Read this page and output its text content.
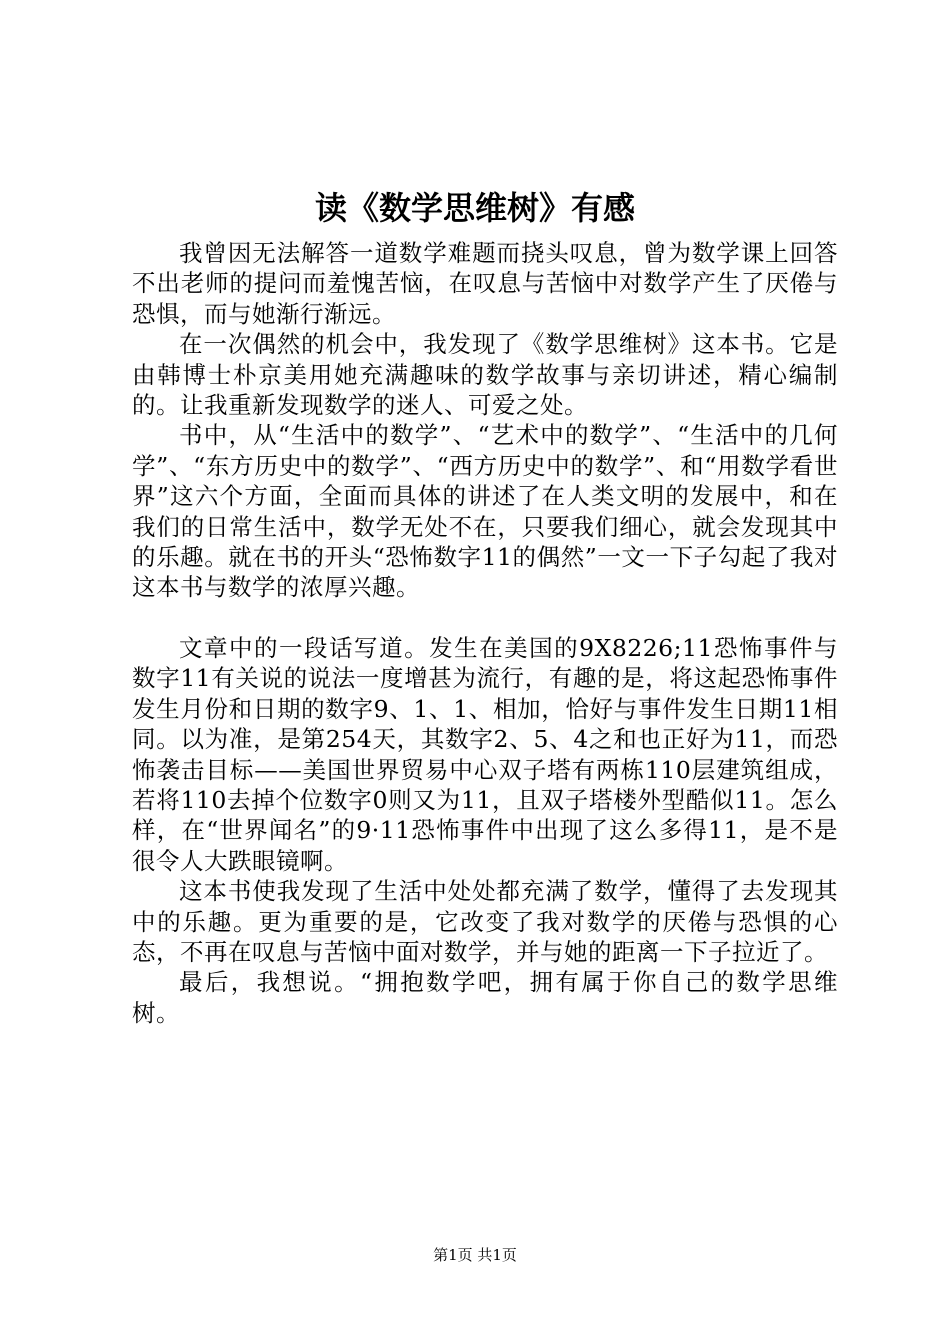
读《数学思维树》有感

我曾因无法解答一道数学难题而挠头叹息，曾为数学课上回答不出老师的提问而羞愧苦恼，在叹息与苦恼中对数学产生了厌倦与恐惧，而与她渐行渐远。

在一次偶然的机会中，我发现了《数学思维树》这本书。它是由韩博士朴京美用她充满趣味的数学故事与亲切讲述，精心编制的。让我重新发现数学的迷人、可爱之处。

书中，从“生活中的数学”、“艺术中的数学”、“生活中的几何学”、“东方历史中的数学”、“西方历史中的数学”、和“用数学看世界”这六个方面，全面而具体的讲述了在人类文明的发展中，和在我们的日常生活中，数学无处不在，只要我们细心，就会发现其中的乐趣。就在书的开头“恐怖数字11的偶然”一文一下子勾起了我对这本书与数学的浓厚兴趣。

文章中的一段话写道。发生在美国的9X8226;11恐怖事件与数字11有关说的说法一度增甚为流行，有趣的是，将这起恐怖事件发生月份和日期的数字9、1、1、相加，恰好与事件发生日期11相同。以为准，是第254天，其数字2、5、4之和也正好为11，而恐怖袭击目标——美国世界贸易中心双子塔有两栋110层建筑组成，若将110去掉个位数字0则又为11，且双子塔楼外型酷似11。怎么样，在“世界闻名”的9·11恐怖事件中出现了这么多得11，是不是很令人大跌眼镜啊。

这本书使我发现了生活中处处都充满了数学，懂得了去发现其中的乐趣。更为重要的是，它改变了我对数学的厌倦与恐惧的心态，不再在叹息与苦恼中面对数学，并与她的距离一下子拉近了。

最后，我想说。“拥抱数学吧，拥有属于你自己的数学思维树。

第1页 共1页
